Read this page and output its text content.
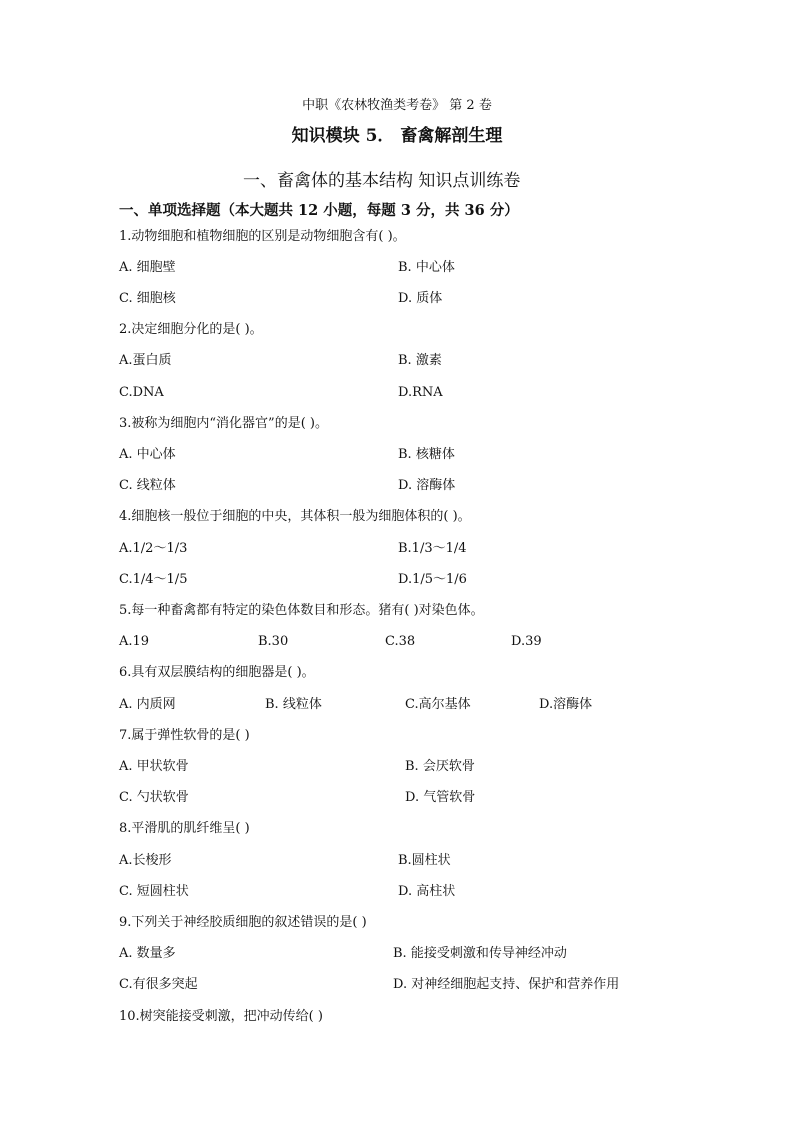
中职《农林牧渔类考卷》 第 2 卷
知识模块 5． 畜禽解剖生理
一、畜禽体的基本结构 知识点训练卷
一、单项选择题（本大题共 12 小题，每题 3 分，共 36 分）
1.动物细胞和植物细胞的区别是动物细胞含有( )。
A. 细胞壁	B. 中心体
C. 细胞核	D. 质体
2.决定细胞分化的是( )。
A.蛋白质	B. 激素
C.DNA	D.RNA
3.被称为细胞内“消化器官”的是( )。
A. 中心体	B. 核糖体
C. 线粒体	D. 溶酶体
4.细胞核一般位于细胞的中央，其体积一般为细胞体积的( )。
A.1/2～1/3	B.1/3～1/4
C.1/4～1/5	D.1/5～1/6
5.每一种畜禽都有特定的染色体数目和形态。猪有( )对染色体。
A.19	B.30	C.38	D.39
6.具有双层膜结构的细胞器是( )。
A. 内质网	B. 线粒体	C.高尔基体	D.溶酶体
7.属于弹性软骨的是( )
A. 甲状软骨	B. 会厌软骨
C. 勺状软骨	D. 气管软骨
8.平滑肌的肌纤维呈( )
A.长梭形	B.圆柱状
C. 短圆柱状	D. 高柱状
9.下列关于神经胶质细胞的叙述错误的是( )
A. 数量多	B. 能接受刺激和传导神经冲动
C.有很多突起	D. 对神经细胞起支持、保护和营养作用
10.树突能接受刺激，把冲动传给( )
